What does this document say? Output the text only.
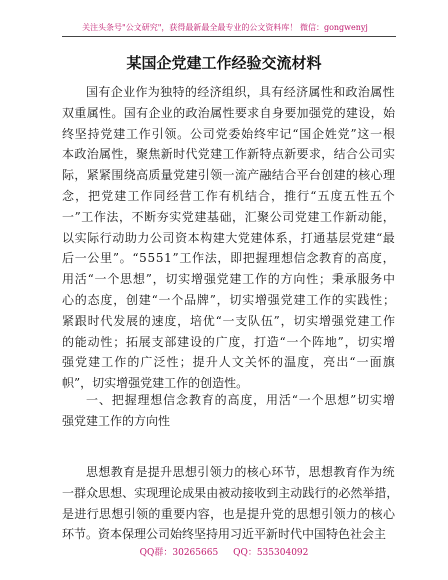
关注头条号"公文研究"，获得最新最全最专业的公文资料库！ 微信：gongwenyj
某国企党建工作经验交流材料
国 有 企 业 作 为 独 特 的 经 济 组 织 ， 具 有 经 济 属 性 和 政 治 属 性
双 重 属 性 。 国 有 企 业 的 政 治 属 性 要 求 自 身 要 加 强 党 的 建 设 ， 始
终 坚 持 党 建 工 作 引 领 。 公 司 党 委 始 终 牢 记 “ 国 企 姓 党 ” 这 一 根
本 政 治 属 性 ， 聚 焦 新 时 代 党 建 工 作 新 特 点 新 要 求 ， 结 合 公 司 实
际 ， 紧 紧 围 绕 高 质 量 党 建 引 领 一 流 产 融 结 合 平 台 创 建 的 核 心 理
念 ， 把 党 建 工 作 同 经 营 工 作 有 机 结 合 ， 推 行 “ 五 度 五 性 五 个
一 ” 工 作 法 ， 不 断 夯 实 党 建 基 础 ， 汇 聚 公 司 党 建 工 作 新 动 能 ，
以 实 际 行 动 助 力 公 司 资 本 构 建 大 党 建 体 系 ， 打 通 基 层 党 建 “ 最
后 一 公 里 ” 。 “ 5 5 5 1 ” 工 作 法 ， 即 把 握 理 想 信 念 教 育 的 高 度 ，
用 活 “ 一 个 思 想 ” ， 切 实 增 强 党 建 工 作 的 方 向 性 ； 秉 承 服 务 中
心 的 态 度 ， 创 建 “ 一 个 品 牌 ” ， 切 实 增 强 党 建 工 作 的 实 践 性 ；
紧 跟 时 代 发 展 的 速 度 ， 培 优 “ 一 支 队 伍 ” ， 切 实 增 强 党 建 工 作
的 能 动 性 ； 拓 展 支 部 建 设 的 广 度 ， 打 造 “ 一 个 阵 地 ” ， 切 实 增
强 党 建 工 作 的 广 泛 性 ； 提 升 人 文 关 怀 的 温 度 ， 亮 出 “ 一 面 旗
帜”，切实增强党建工作的创造性。
一 、 把 握 理 想 信 念 教 育 的 高 度 ， 用 活 “ 一 个 思 想 ” 切 实 增
强党建工作的方向性
思 想 教 育 是 提 升 思 想 引 领 力 的 核 心 环 节 ， 思 想 教 育 作 为 统
一 群 众 思 想 、 实 现 理 论 成 果 由 被 动 接 收 到 主 动 践 行 的 必 然 举 措 ，
是 进 行 思 想 引 领 的 重 要 内 容 ， 也 是 提 升 党 的 思 想 引 领 力 的 核 心
环节。资本保理公司始终坚持用习近平新时代中国特色社会主
QQ群：30265665 QQ：535304092
